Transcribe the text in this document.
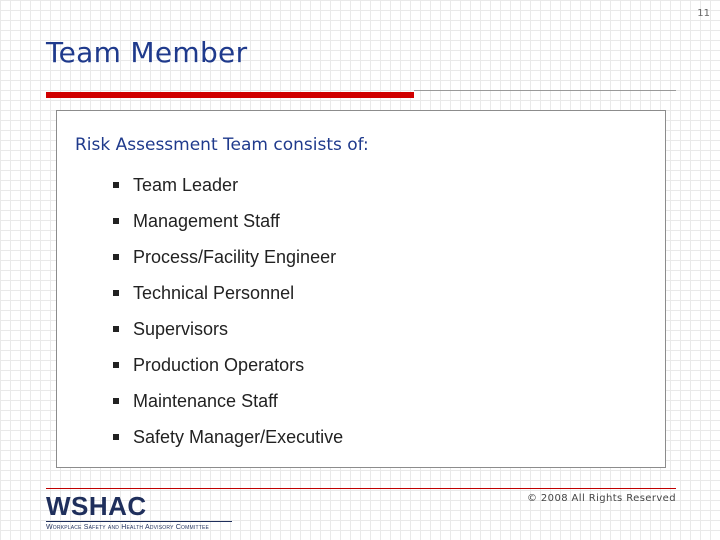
11
Team Member
Risk Assessment Team consists of:
Team Leader
Management Staff
Process/Facility Engineer
Technical Personnel
Supervisors
Production Operators
Maintenance Staff
Safety Manager/Executive
WSHAC
Workplace Safety and Health Advisory Committee
© 2008 All Rights Reserved
